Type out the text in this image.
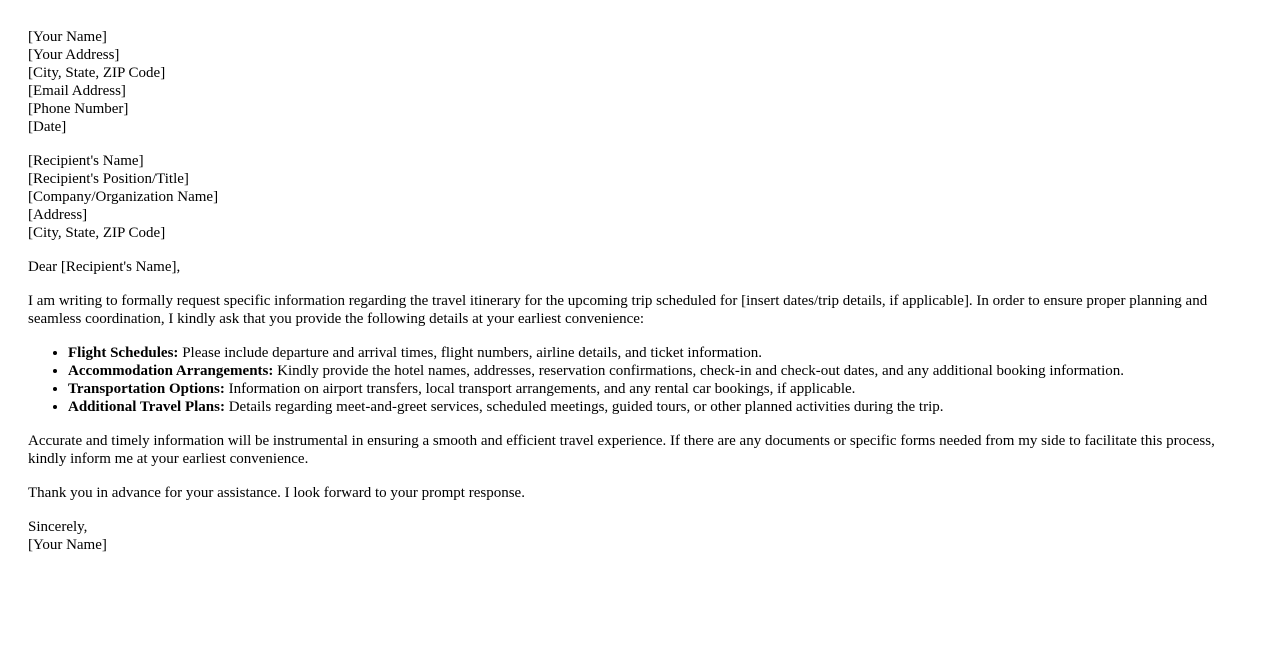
[Your Name]
[Your Address]
[City, State, ZIP Code]
[Email Address]
[Phone Number]
[Date]
[Recipient's Name]
[Recipient's Position/Title]
[Company/Organization Name]
[Address]
[City, State, ZIP Code]

Dear [Recipient's Name],

I am writing to formally request specific information regarding the travel itinerary for the upcoming trip scheduled for [insert dates/trip details, if applicable]. In order to ensure proper planning and seamless coordination, I kindly ask that you provide the following details at your earliest convenience:

• Flight Schedules: Please include departure and arrival times, flight numbers, airline details, and ticket information.
• Accommodation Arrangements: Kindly provide the hotel names, addresses, reservation confirmations, check-in and check-out dates, and any additional booking information.
• Transportation Options: Information on airport transfers, local transport arrangements, and any rental car bookings, if applicable.
• Additional Travel Plans: Details regarding meet-and-greet services, scheduled meetings, guided tours, or other planned activities during the trip.

Accurate and timely information will be instrumental in ensuring a smooth and efficient travel experience. If there are any documents or specific forms needed from my side to facilitate this process, kindly inform me at your earliest convenience.

Thank you in advance for your assistance. I look forward to your prompt response.

Sincerely,
[Your Name]
